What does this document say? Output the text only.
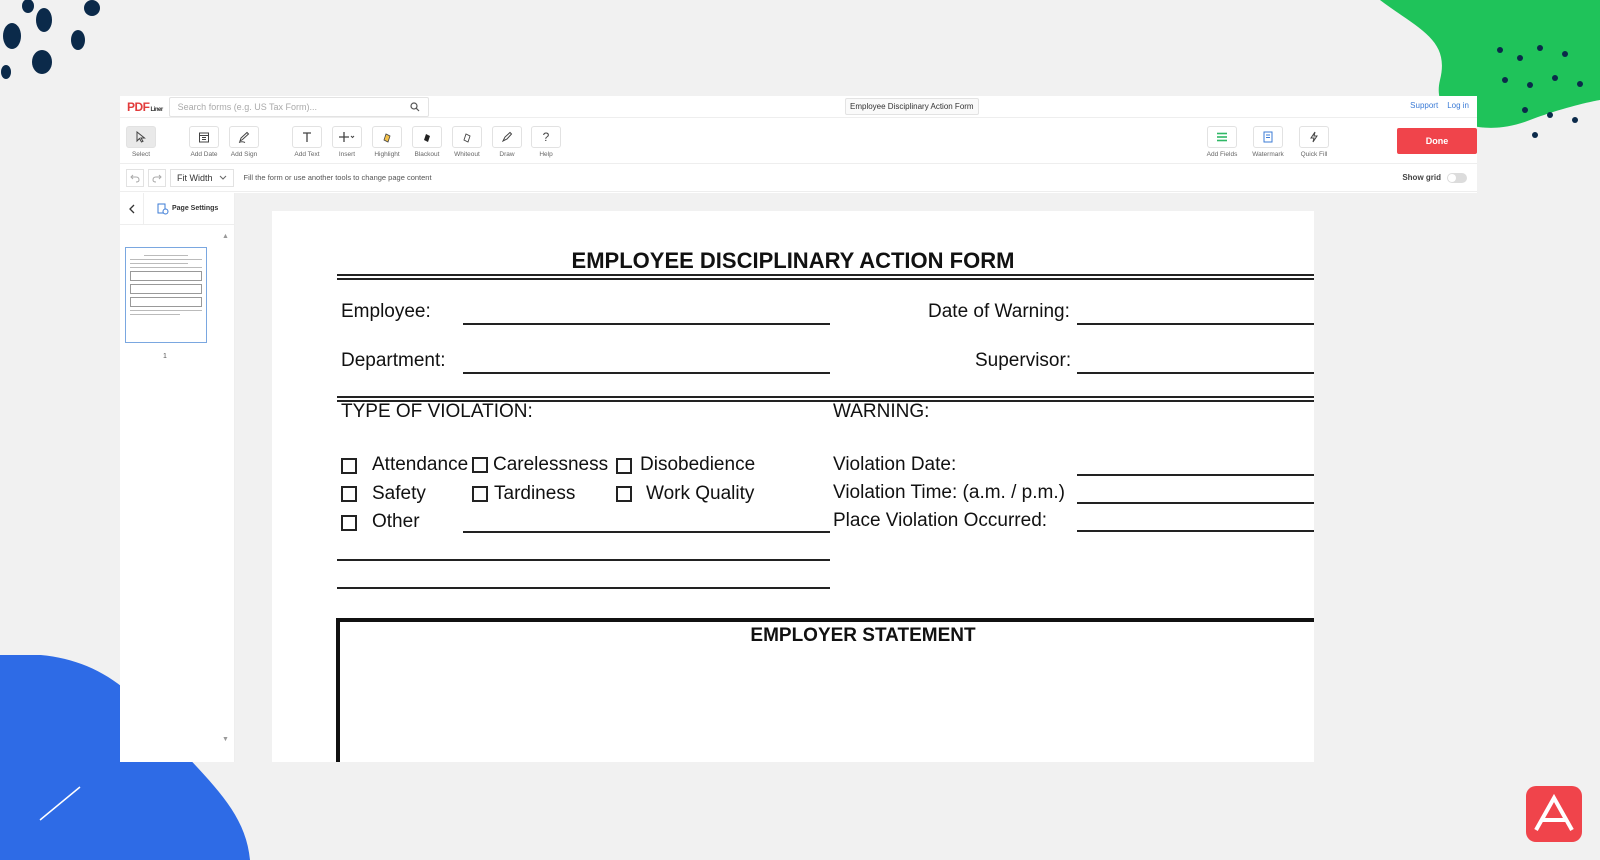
PDF Liner
Search forms (e.g. US Tax Form)...	Employee Disciplinary Action Form	Support Log in
Select	Add Date Add Sign	Add Text	Insert	Highlight Blackout Whiteout	Draw
?
Help	Add Fields Watermark	Quick Fill
Done
Fit Width	Fill the form or use another tools to change page content	Show grid
Page Settings
1
▲
▼
EMPLOYEE DISCIPLINARY ACTION FORM
Employee:	Date of Warning:
Department:	Supervisor:
TYPE OF VIOLATION:	WARNING:
Attendance Carelessness Disobedience
Safety	Tardiness	Work Quality
Other
Violation Date:
Violation Time: (a.m. / p.m.)
Place Violation Occurred:
EMPLOYER STATEMENT
